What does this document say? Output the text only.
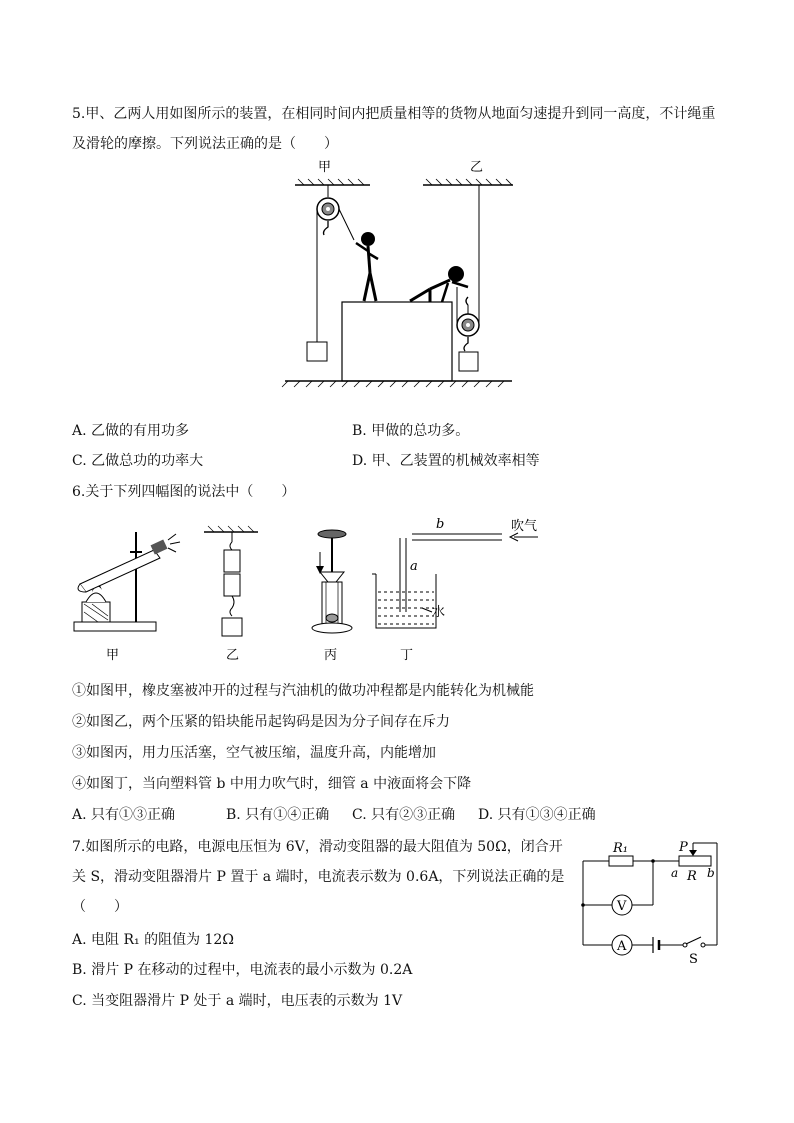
5.甲、乙两人用如图所示的装置，在相同时间内把质量相等的货物从地面匀速提升到同一高度，不计绳重
及滑轮的摩擦。下列说法正确的是（　　）
甲	乙
A. 乙做的有用功多	B. 甲做的总功多。
C. 乙做总功的功率大	D. 甲、乙装置的机械效率相等
6.关于下列四幅图的说法中（　　）
甲	乙	丙
b	吹气
a
水
丁
①如图甲，橡皮塞被冲开的过程与汽油机的做功冲程都是内能转化为机械能
②如图乙，两个压紧的铅块能吊起钩码是因为分子间存在斥力
③如图丙，用力压活塞，空气被压缩，温度升高，内能增加
④如图丁，当向塑料管 b 中用力吹气时，细管 a 中液面将会下降
A. 只有①③正确	B. 只有①④正确 C. 只有②③正确 D. 只有①③④正确
7.如图所示的电路，电源电压恒为 6V，滑动变阻器的最大阻值为 50Ω，闭合开
关 S，滑动变阻器滑片 P 置于 a 端时，电流表示数为 0.6A，下列说法正确的是
（　　）
R₁	P
a R b
V
A
S
A. 电阻 R₁ 的阻值为 12Ω
B. 滑片 P 在移动的过程中，电流表的最小示数为 0.2A
C. 当变阻器滑片 P 处于 a 端时，电压表的示数为 1V
